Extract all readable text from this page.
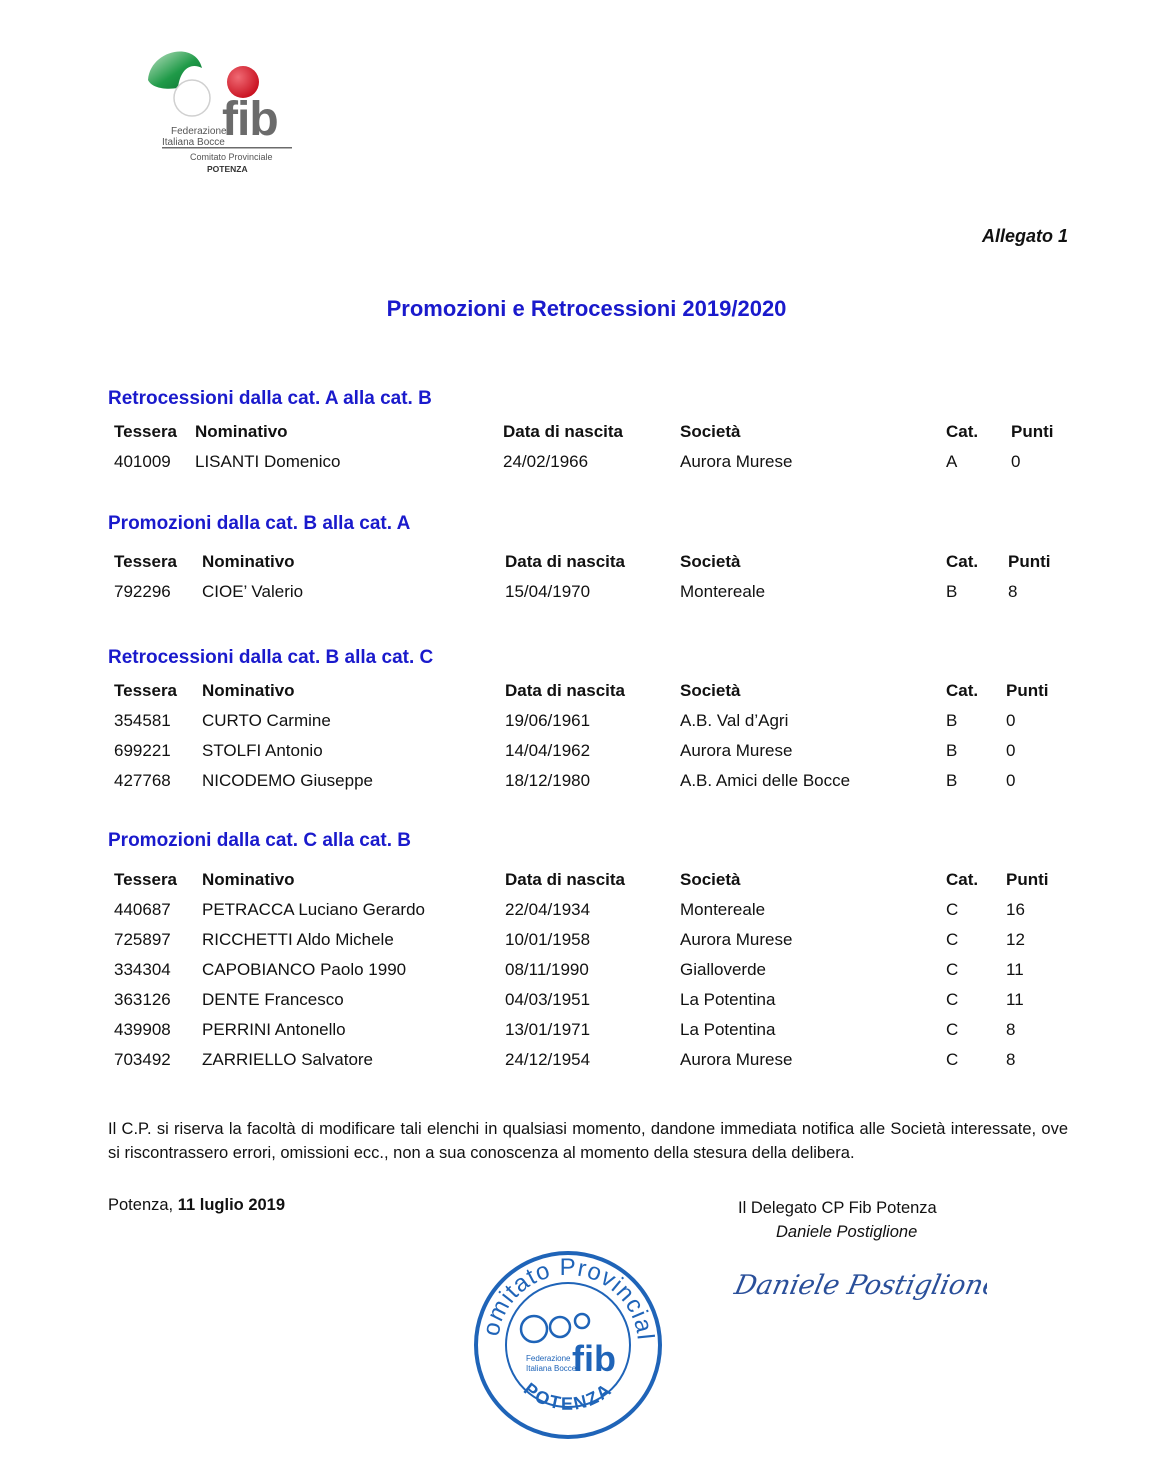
Federazione
Italiana Bocce
fib
Comitato Provinciale
POTENZA
Allegato 1
Promozioni e Retrocessioni 2019/2020
Retrocessioni dalla cat. A alla cat. B
Tessera	Nominativo	Data di nascita	Società	Cat.	Punti
401009	LISANTI Domenico	24/02/1966	Aurora Murese	A	0
Promozioni dalla cat. B alla cat. A
Tessera	Nominativo	Data di nascita	Società	Cat.	Punti
792296	CIOE’ Valerio	15/04/1970	Montereale	B	8
Retrocessioni dalla cat. B alla cat. C
Tessera	Nominativo	Data di nascita	Società	Cat.	Punti
354581	CURTO Carmine	19/06/1961	A.B. Val d’Agri	B	0
699221	STOLFI Antonio	14/04/1962	Aurora Murese	B	0
427768	NICODEMO Giuseppe	18/12/1980	A.B. Amici delle Bocce	B	0
Promozioni dalla cat. C alla cat. B
Tessera	Nominativo	Data di nascita	Società	Cat.	Punti
440687	PETRACCA Luciano Gerardo	22/04/1934	Montereale	C	16
725897	RICCHETTI Aldo Michele	10/01/1958	Aurora Murese	C	12
334304	CAPOBIANCO Paolo 1990	08/11/1990	Gialloverde	C	11
363126	DENTE Francesco	04/03/1951	La Potentina	C	11
439908	PERRINI Antonello	13/01/1971	La Potentina	C	8
703492	ZARRIELLO Salvatore	24/12/1954	Aurora Murese	C	8
Il C.P. si riserva la facoltà di modificare tali elenchi in qualsiasi momento, dandone immediata notifica alle Società interessate, ove si riscontrassero errori, omissioni ecc., non a sua conoscenza al momento della stesura della delibera.
Potenza, 11 luglio 2019	Il Delegato CP Fib Potenza
Daniele Postiglione
omitato Provincial
POTENZA
fib
Federazione
Italiana Bocce
Daniele Postiglione
